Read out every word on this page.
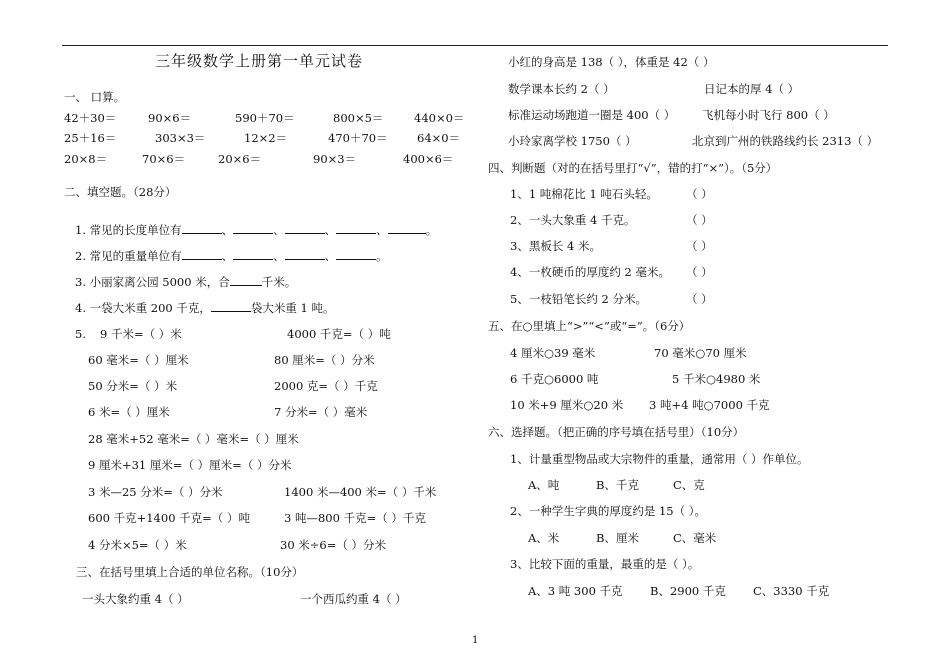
三年级数学上册第一单元试卷
一、 口算。
42＋30＝	90×6＝	590＋70＝	800×5＝	440×0＝
25＋16＝	303×3＝	12×2＝	470＋70＝	64×0＝
20×8＝	70×6＝	20×6＝	90×3＝	400×6＝
二、填空题。（28分）
1. 常见的长度单位有	、	、	、	、	。
2. 常见的重量单位有	、	、	、	。
3. 小丽家离公园 5000 米，合	千米。
4. 一袋大米重 200 千克，	袋大米重 1 吨。
5. 9 千米=（ ）米	4000 千克=（ ）吨
60 毫米=（ ）厘米	80 厘米=（ ）分米
50 分米=（ ）米	2000 克=（ ）千克
6 米=（ ）厘米	7 分米=（ ）毫米
28 毫米+52 毫米=（ ）毫米=（ ）厘米
9 厘米+31 厘米=（ ）厘米=（ ）分米
3 米—25 分米=（ ）分米	1400 米—400 米=（ ）千米
600 千克+1400 千克=（ ）吨	3 吨—800 千克=（ ）千克
4 分米×5=（ ）米	30 米÷6=（ ）分米
三、在括号里填上合适的单位名称。（10分）
一头大象约重 4（ ）	一个西瓜约重 4（ ）
小红的身高是 138（ ），体重是 42（ ）
数学课本长约 2（ ）	日记本的厚 4（ ）
标准运动场跑道一圈是 400（ ） 飞机每小时飞行 800（ ）
小玲家离学校 1750（ ）	北京到广州的铁路线约长 2313（ ）
四、判断题（对的在括号里打“√”，错的打“×”）。（5分）
1、1 吨棉花比 1 吨石头轻。 （ ）
2、一头大象重 4 千克。	（ ）
3、黑板长 4 米。	（ ）
4、一枚硬币的厚度约 2 毫米。 （ ）
5、一枝铅笔长约 2 分米。	（ ）
五、在○里填上“>”“<”或“=”。（6分）
4 厘米○39 毫米	70 毫米○70 厘米
6 千克○6000 吨	5 千米○4980 米
10 米+9 厘米○20 米 3 吨+4 吨○7000 千克
六、选择题。（把正确的序号填在括号里）（10分）
1、计量重型物品或大宗物件的重量，通常用（ ）作单位。
A、吨	B、千克	C、克
2、一种学生字典的厚度约是 15（ ）。
A、米	B、厘米	C、毫米
3、比较下面的重量，最重的是（ ）。
A、3 吨 300 千克 B、2900 千克 C、3330 千克
1
